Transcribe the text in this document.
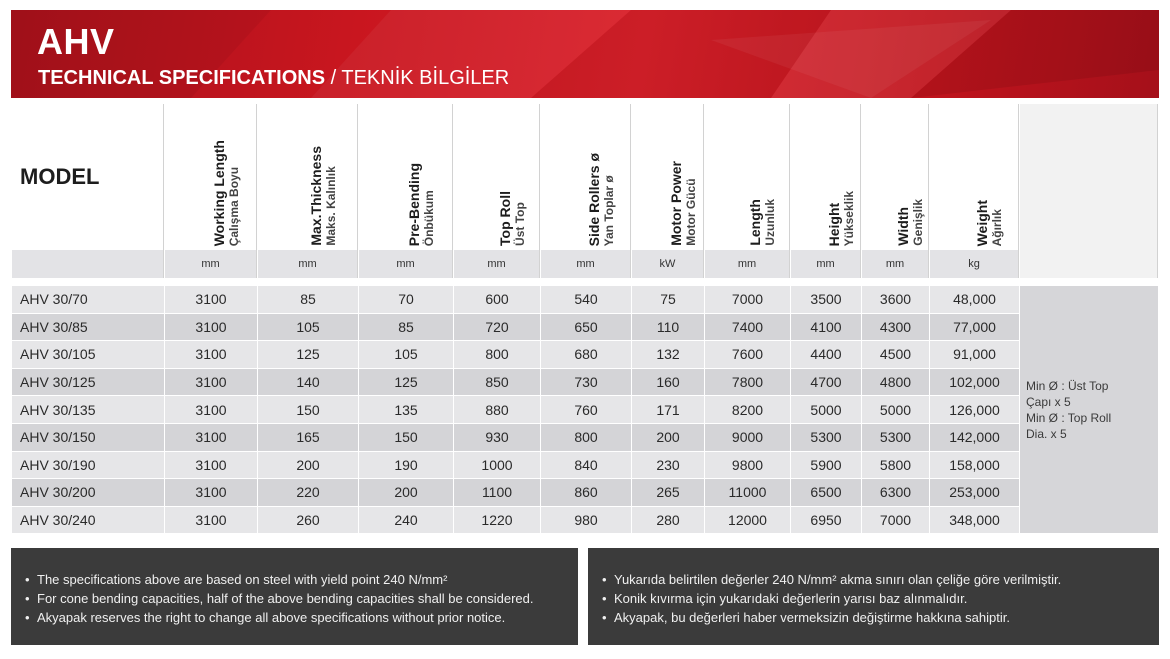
AHV
TECHNICAL SPECIFICATIONS / TEKNİK BİLGİLER
MODEL	Working Length Çalışma Boyu	Max.Thickness Maks. Kalınlık	Pre-Bending Önbükum	Top Roll Üst Top	Side Rollers ø Yan Toplar ø	Motor Power Motor Gücü	Length Uzunluk	Height Yükseklik	Width Genişlik	Weight Ağırlık	

	mm	mm	mm	mm	mm	kW	mm	mm	mm	kg	

AHV 30/70	3100	85	70	600	540	75	7000	3500	3600	48,000	Min Ø : Üst Top
Çapı x 5
Min Ø : Top Roll
Dia. x 5

AHV 30/85	3100	105	85	720	650	110	7400	4100	4300	77,000	
AHV 30/105	3100	125	105	800	680	132	7600	4400	4500	91,000	
AHV 30/125	3100	140	125	850	730	160	7800	4700	4800	102,000	
AHV 30/135	3100	150	135	880	760	171	8200	5000	5000	126,000	
AHV 30/150	3100	165	150	930	800	200	9000	5300	5300	142,000	
AHV 30/190	3100	200	190	1000	840	230	9800	5900	5800	158,000	
AHV 30/200	3100	220	200	1100	860	265	11000	6500	6300	253,000	
AHV 30/240	3100	260	240	1220	980	280	12000	6950	7000	348,000	
• The specifications above are based on steel with yield point 240 N/mm²
• For cone bending capacities, half of the above bending capacities shall be considered.
• Akyapak reserves the right to change all above specifications without prior notice.
• Yukarıda belirtilen değerler 240 N/mm² akma sınırı olan çeliğe göre verilmiştir.
• Konik kıvırma için yukarıdaki değerlerin yarısı baz alınmalıdır.
• Akyapak, bu değerleri haber vermeksizin değiştirme hakkına sahiptir.
